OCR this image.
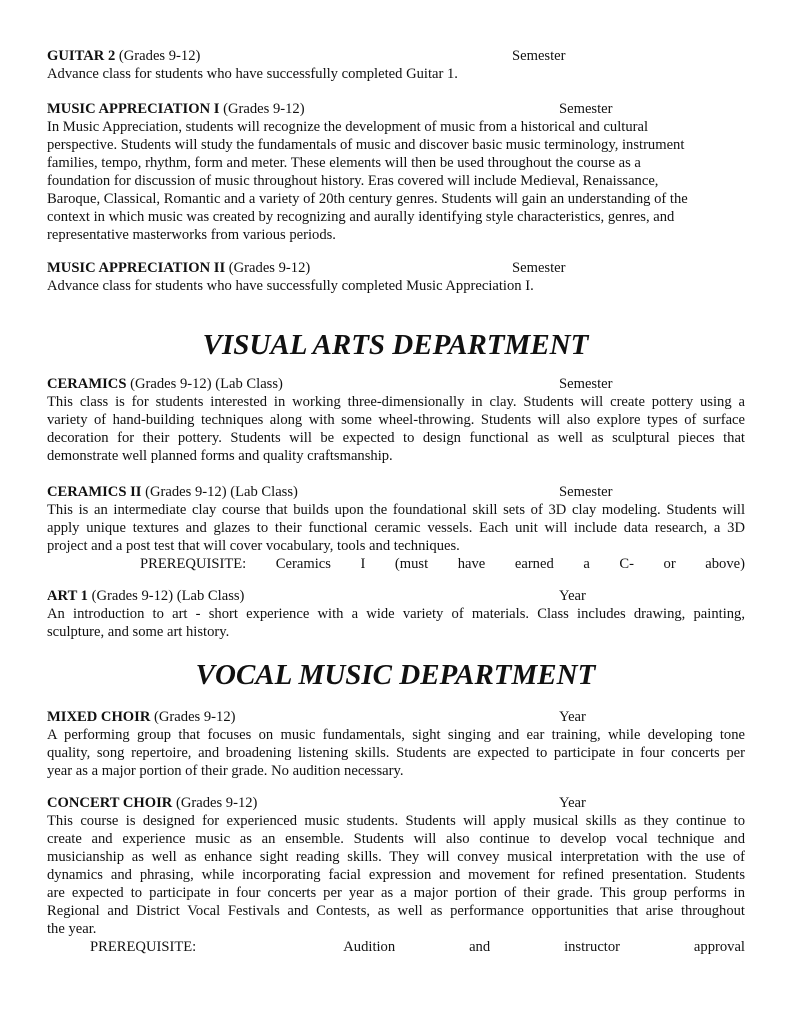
GUITAR 2 (Grades 9-12)	Semester
Advance class for students who have successfully completed Guitar 1.
MUSIC APPRECIATION I (Grades 9-12)	Semester
In Music Appreciation, students will recognize the development of music from a historical and cultural
perspective. Students will study the fundamentals of music and discover basic music terminology, instrument
families, tempo, rhythm, form and meter. These elements will then be used throughout the course as a
foundation for discussion of music throughout history. Eras covered will include Medieval, Renaissance,
Baroque, Classical, Romantic and a variety of 20th century genres. Students will gain an understanding of the
context in which music was created by recognizing and aurally identifying style characteristics, genres, and
representative masterworks from various periods.
MUSIC APPRECIATION II (Grades 9-12)	Semester
Advance class for students who have successfully completed Music Appreciation I.
VISUAL ARTS DEPARTMENT
CERAMICS (Grades 9-12) (Lab Class)	Semester
This class is for students interested in working three-dimensionally in clay. Students will create pottery using a
variety of hand-building techniques along with some wheel-throwing. Students will also explore types of surface
decoration for their pottery. Students will be expected to design functional as well as sculptural pieces that
demonstrate well planned forms and quality craftsmanship.
CERAMICS II (Grades 9-12) (Lab Class)	Semester
This is an intermediate clay course that builds upon the foundational skill sets of 3D clay modeling. Students will
apply unique textures and glazes to their functional ceramic vessels. Each unit will include data research, a 3D
project and a post test that will cover vocabulary, tools and techniques.
PREREQUISITE: Ceramics I (must have earned a C- or above)
ART 1 (Grades 9-12) (Lab Class)	Year
An introduction to art - short experience with a wide variety of materials. Class includes drawing, painting,
sculpture, and some art history.
VOCAL MUSIC DEPARTMENT
MIXED CHOIR (Grades 9-12)	Year
A performing group that focuses on music fundamentals, sight singing and ear training, while developing tone
quality, song repertoire, and broadening listening skills. Students are expected to participate in four concerts per
year as a major portion of their grade. No audition necessary.
CONCERT CHOIR (Grades 9-12)	Year
This course is designed for experienced music students. Students will apply musical skills as they continue to
create and experience music as an ensemble. Students will also continue to develop vocal technique and
musicianship as well as enhance sight reading skills. They will convey musical interpretation with the use of
dynamics and phrasing, while incorporating facial expression and movement for refined presentation. Students
are expected to participate in four concerts per year as a major portion of their grade. This group performs in
Regional and District Vocal Festivals and Contests, as well as performance opportunities that arise throughout
the year.
PREREQUISITE:  Audition and instructor approval
